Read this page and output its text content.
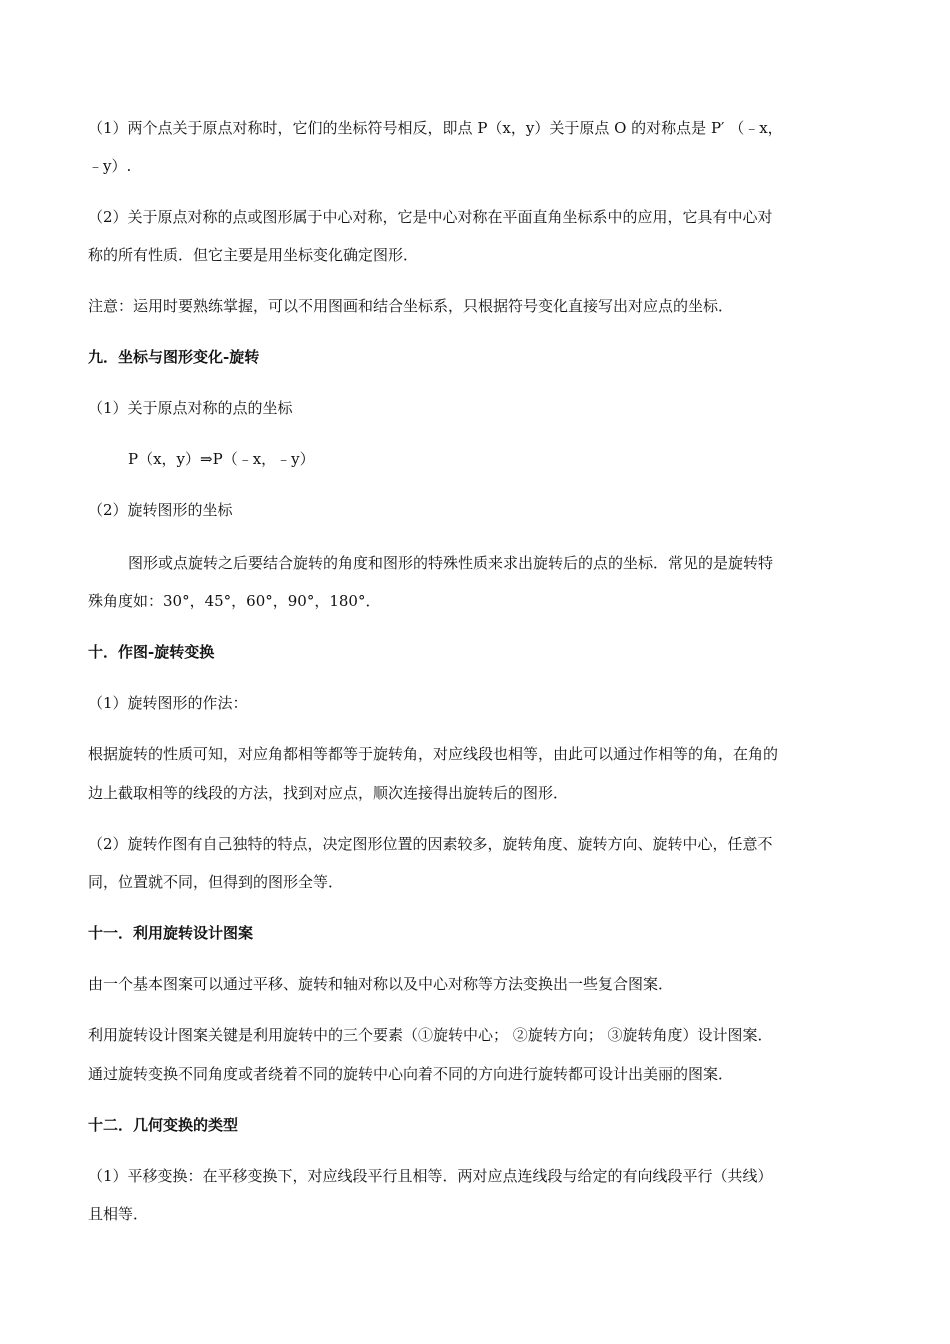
（1）两个点关于原点对称时，它们的坐标符号相反，即点 P（x，y）关于原点 O 的对称点是 P′ （﹣x，
﹣y）.
（2）关于原点对称的点或图形属于中心对称，它是中心对称在平面直角坐标系中的应用，它具有中心对
称的所有性质．但它主要是用坐标变化确定图形．
注意：运用时要熟练掌握，可以不用图画和结合坐标系，只根据符号变化直接写出对应点的坐标．
九．坐标与图形变化-旋转
（1）关于原点对称的点的坐标
P（x，y）⇒P（﹣x，﹣y）
（2）旋转图形的坐标
图形或点旋转之后要结合旋转的角度和图形的特殊性质来求出旋转后的点的坐标．常见的是旋转特
殊角度如：30°，45°，60°，90°，180°．
十．作图-旋转变换
（1）旋转图形的作法：
根据旋转的性质可知，对应角都相等都等于旋转角，对应线段也相等，由此可以通过作相等的角，在角的
边上截取相等的线段的方法，找到对应点，顺次连接得出旋转后的图形．
（2）旋转作图有自己独特的特点，决定图形位置的因素较多，旋转角度、旋转方向、旋转中心，任意不
同，位置就不同，但得到的图形全等．
十一．利用旋转设计图案
由一个基本图案可以通过平移、旋转和轴对称以及中心对称等方法变换出一些复合图案．
利用旋转设计图案关键是利用旋转中的三个要素（①旋转中心； ②旋转方向； ③旋转角度）设计图案．
通过旋转变换不同角度或者绕着不同的旋转中心向着不同的方向进行旋转都可设计出美丽的图案．
十二．几何变换的类型
（1）平移变换：在平移变换下，对应线段平行且相等．两对应点连线段与给定的有向线段平行（共线）
且相等．
